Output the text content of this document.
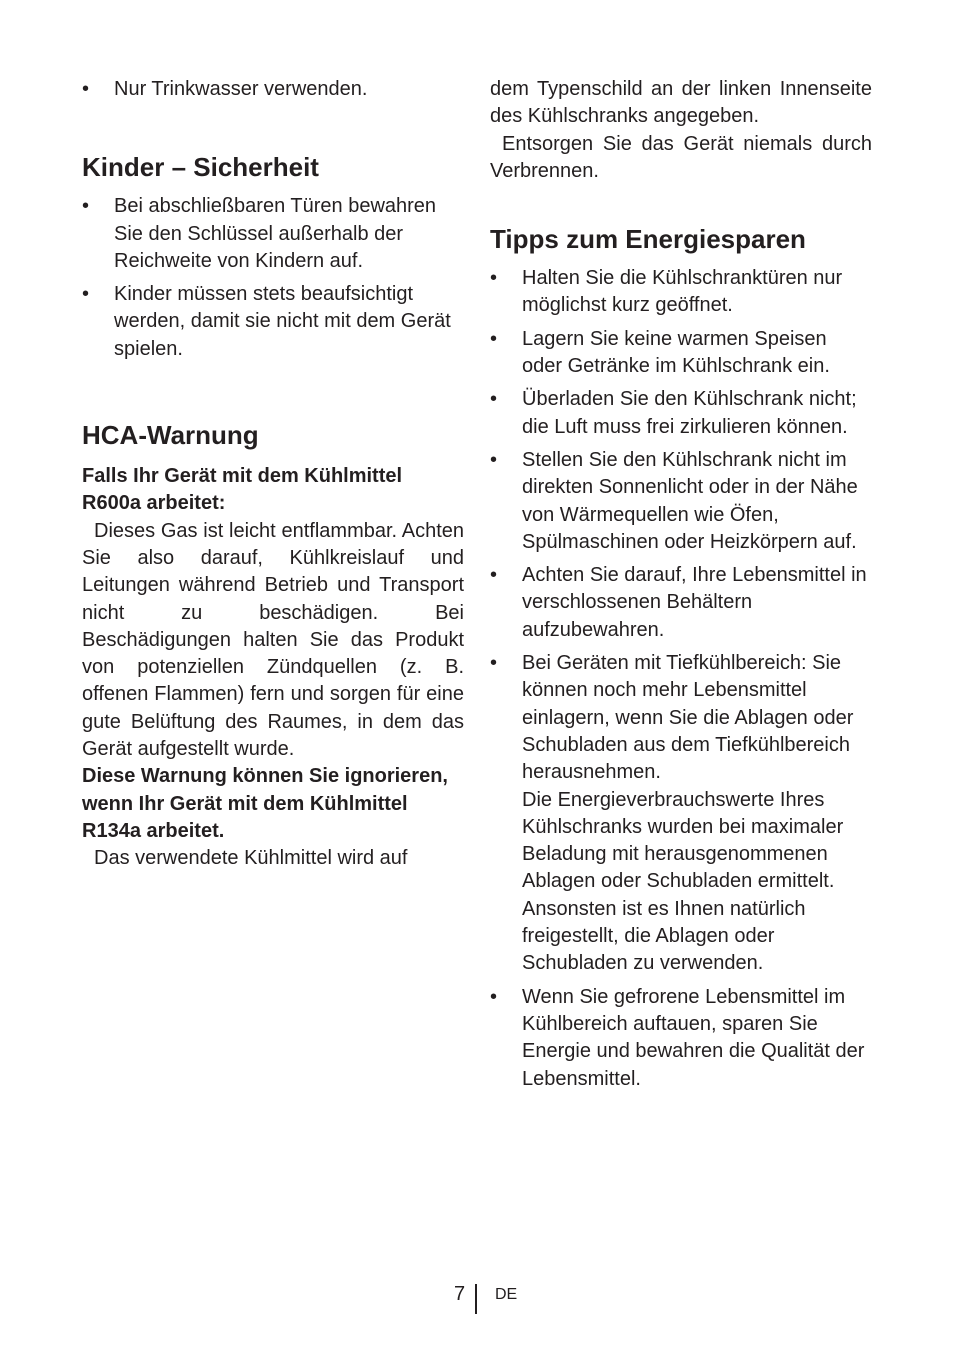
• Nur Trinkwasser verwenden.
Kinder – Sicherheit
• Bei abschließbaren Türen bewahren Sie den Schlüssel außerhalb der Reichweite von Kindern auf.
• Kinder müssen stets beaufsichtigt werden, damit sie nicht mit dem Gerät spielen.
HCA-Warnung

Falls Ihr Gerät mit dem Kühlmittel R600a arbeitet:

Dieses Gas ist leicht entflammbar. Achten Sie also darauf, Kühlkreislauf und Leitungen während Betrieb und Transport nicht zu beschädigen. Bei Beschädigungen halten Sie das Produkt von potenziellen Zündquellen (z. B. offenen Flammen) fern und sorgen für eine gute Belüftung des Raumes, in dem das Gerät aufgestellt wurde.

Diese Warnung können Sie ignorieren, wenn Ihr Gerät mit dem Kühlmittel R134a arbeitet.

Das verwendete Kühlmittel wird auf

dem Typenschild an der linken Innenseite des Kühlschranks angegeben.

Entsorgen Sie das Gerät niemals durch Verbrennen.

Tipps zum Energiesparen
• Halten Sie die Kühlschranktüren nur möglichst kurz geöffnet.
• Lagern Sie keine warmen Speisen oder Getränke im Kühlschrank ein.
• Überladen Sie den Kühlschrank nicht; die Luft muss frei zirkulieren können.
• Stellen Sie den Kühlschrank nicht im direkten Sonnenlicht oder in der Nähe von Wärmequellen wie Öfen, Spülmaschinen oder Heizkörpern auf.
• Achten Sie darauf, Ihre Lebensmittel in verschlossenen Behältern aufzubewahren.
• Bei Geräten mit Tiefkühlbereich: Sie können noch mehr Lebensmittel einlagern, wenn Sie die Ablagen oder Schubladen aus dem Tiefkühlbereich herausnehmen.
Die Energieverbrauchswerte Ihres Kühlschranks wurden bei maximaler Beladung mit herausgenommenen Ablagen oder Schubladen ermittelt. Ansonsten ist es Ihnen natürlich freigestellt, die Ablagen oder Schubladen zu verwenden.
• Wenn Sie gefrorene Lebensmittel im Kühlbereich auftauen, sparen Sie Energie und bewahren die Qualität der Lebensmittel.
7 DE
